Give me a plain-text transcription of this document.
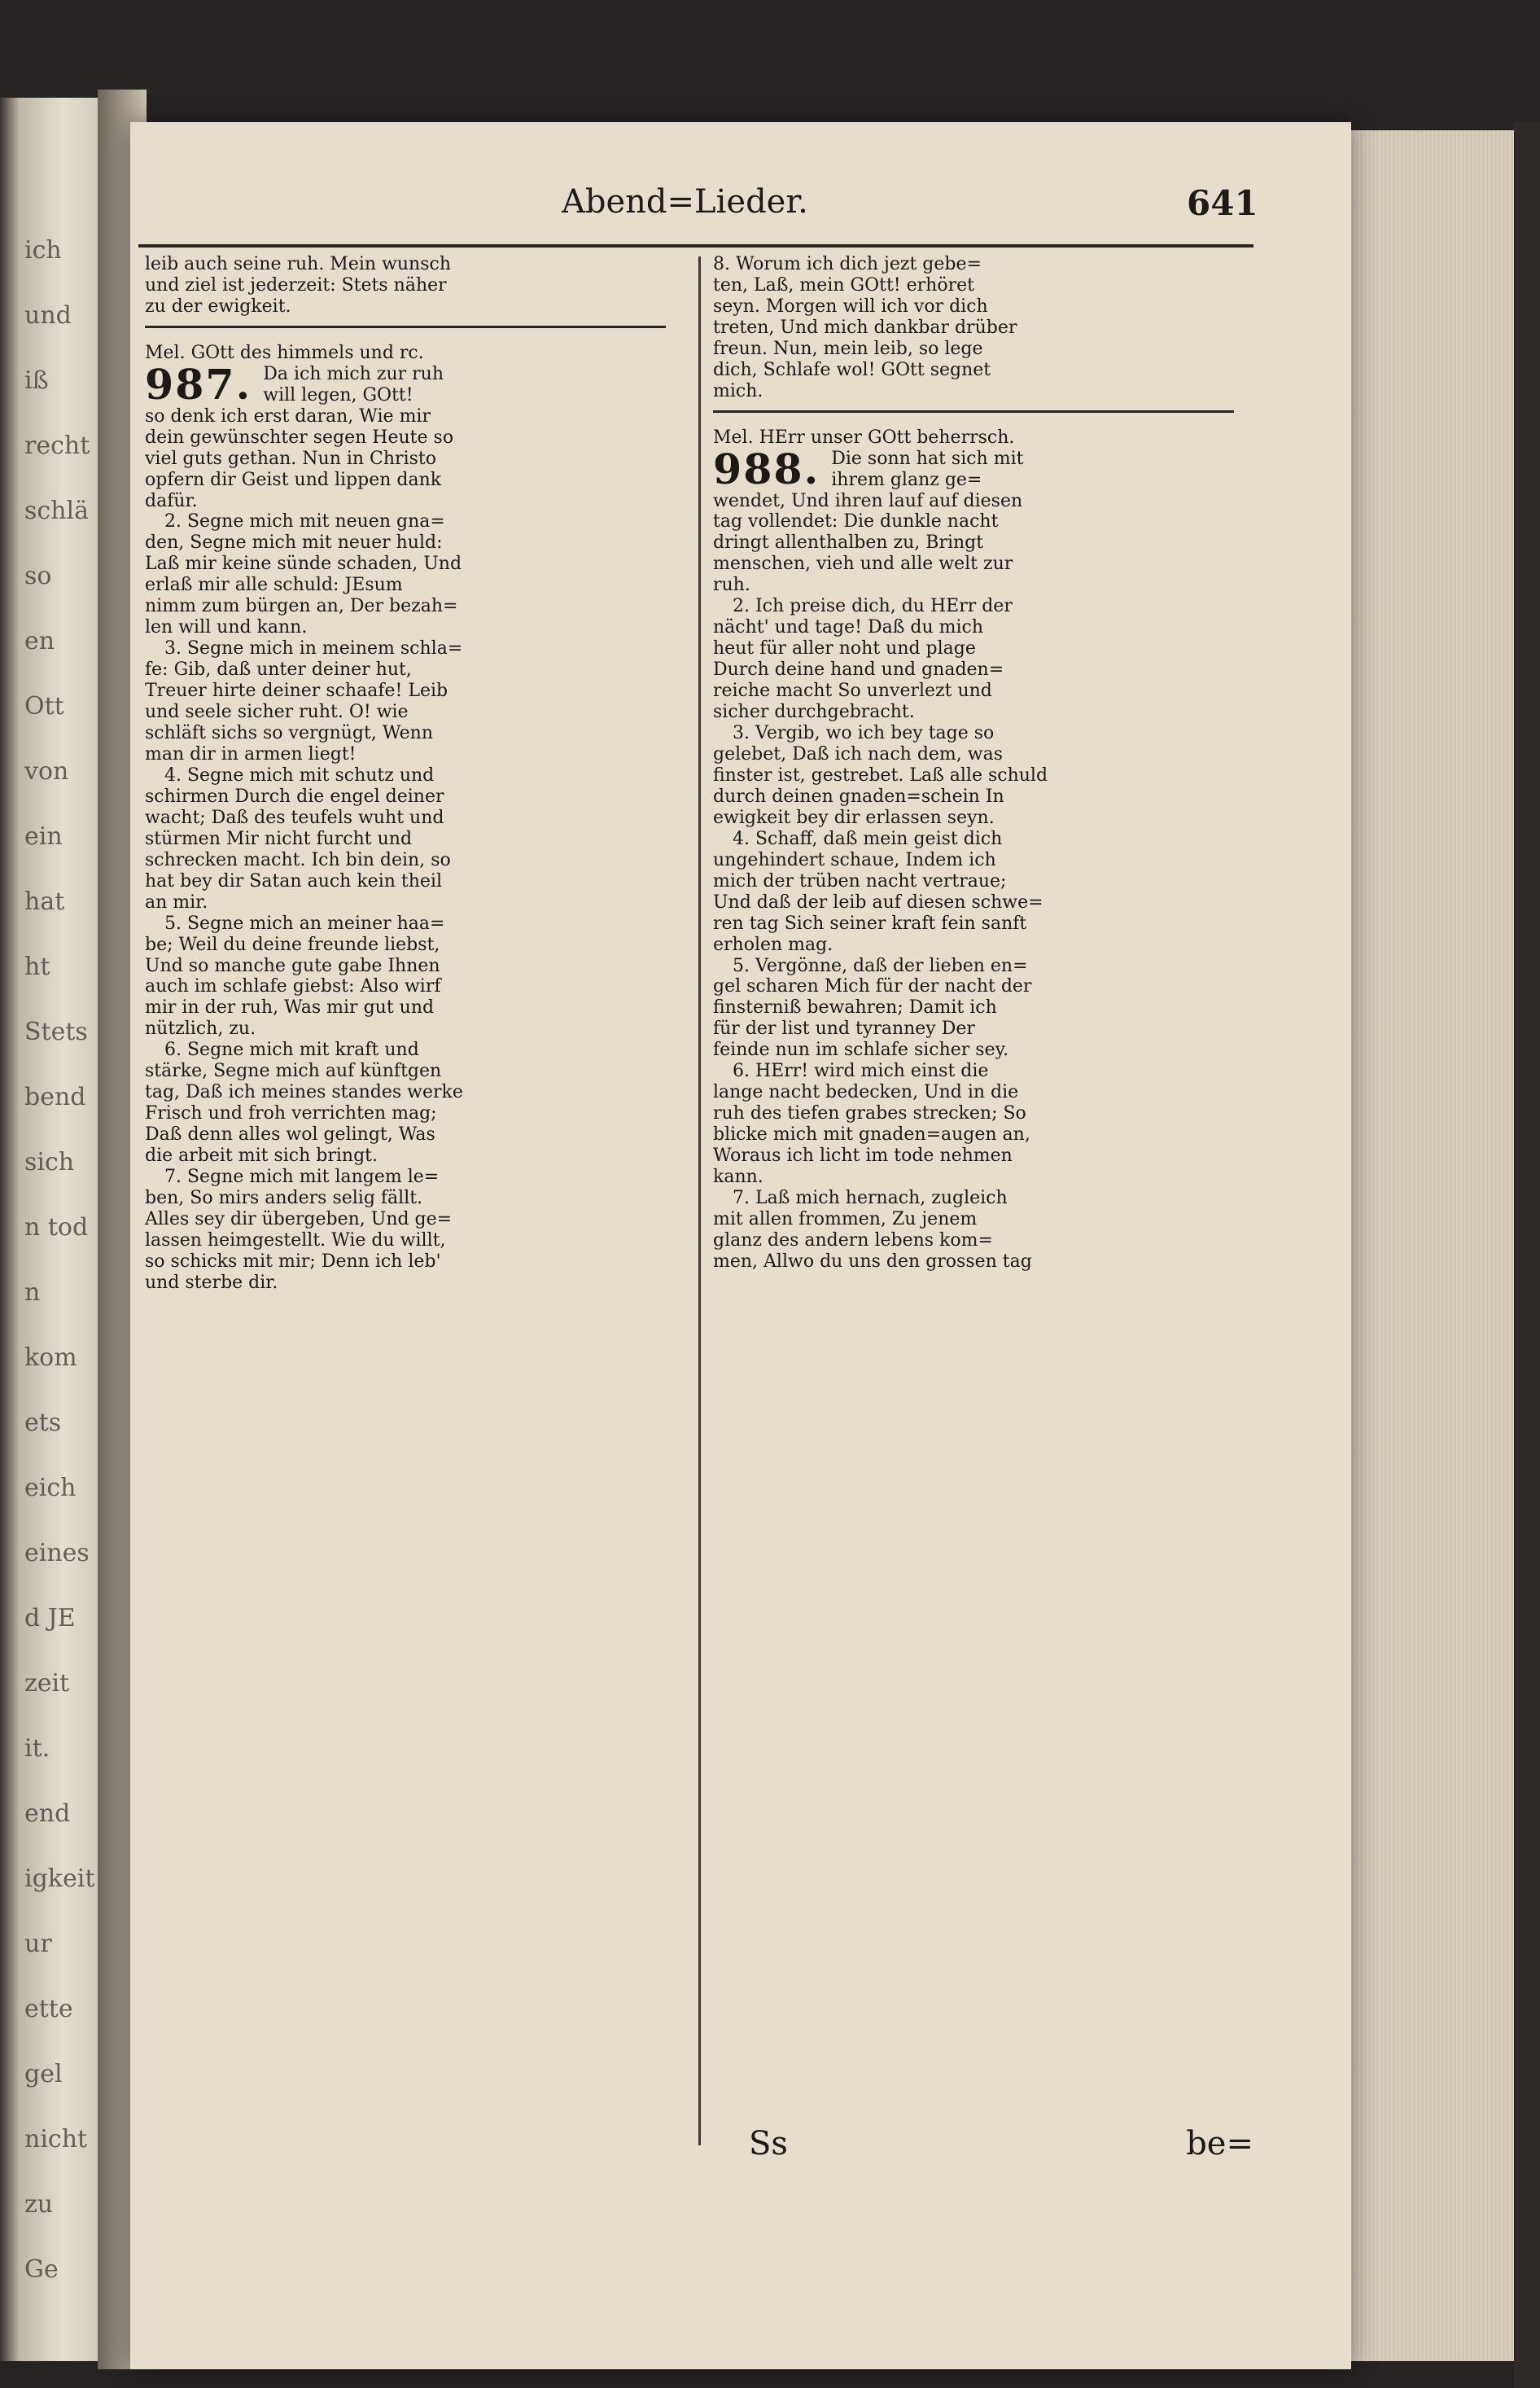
ich
und
iß
recht
schlä
so
en
Ott
von
ein
hat
ht
Stets
bend
sich
n tod
n
kom
ets
eich
eines
d JE
zeit
it.
end
igkeit
ur
ette
gel
nicht
zu
Ge
Abend=Lieder.	641

leib auch seine ruh. Mein wunsch

und ziel ist jederzeit: Stets näher

zu der ewigkeit.

Mel. GOtt des himmels und rc.

987. Da ich mich zur ruh
will legen, GOtt!

so denk ich erst daran, Wie mir

dein gewünschter segen Heute so

viel guts gethan. Nun in Christo

opfern dir Geist und lippen dank

dafür.

2. Segne mich mit neuen gna=

den, Segne mich mit neuer huld:

Laß mir keine sünde schaden, Und

erlaß mir alle schuld: JEsum

nimm zum bürgen an, Der bezah=

len will und kann.

3. Segne mich in meinem schla=

fe: Gib, daß unter deiner hut,

Treuer hirte deiner schaafe! Leib

und seele sicher ruht. O! wie

schläft sichs so vergnügt, Wenn

man dir in armen liegt!

4. Segne mich mit schutz und

schirmen Durch die engel deiner

wacht; Daß des teufels wuht und

stürmen Mir nicht furcht und

schrecken macht. Ich bin dein, so

hat bey dir Satan auch kein theil

an mir.

5. Segne mich an meiner haa=

be; Weil du deine freunde liebst,

Und so manche gute gabe Ihnen

auch im schlafe giebst: Also wirf

mir in der ruh, Was mir gut und

nützlich, zu.

6. Segne mich mit kraft und

stärke, Segne mich auf künftgen

tag, Daß ich meines standes werke

Frisch und froh verrichten mag;

Daß denn alles wol gelingt, Was

die arbeit mit sich bringt.

7. Segne mich mit langem le=

ben, So mirs anders selig fällt.

Alles sey dir übergeben, Und ge=

lassen heimgestellt. Wie du willt,

so schicks mit mir; Denn ich leb'

und sterbe dir.

8. Worum ich dich jezt gebe=

ten, Laß, mein GOtt! erhöret

seyn. Morgen will ich vor dich

treten, Und mich dankbar drüber

freun. Nun, mein leib, so lege

dich, Schlafe wol! GOtt segnet

mich.

Mel. HErr unser GOtt beherrsch.

988. Die sonn hat sich mit
ihrem glanz ge=

wendet, Und ihren lauf auf diesen

tag vollendet: Die dunkle nacht

dringt allenthalben zu, Bringt

menschen, vieh und alle welt zur

ruh.

2. Ich preise dich, du HErr der

nächt' und tage! Daß du mich

heut für aller noht und plage

Durch deine hand und gnaden=

reiche macht So unverlezt und

sicher durchgebracht.

3. Vergib, wo ich bey tage so

gelebet, Daß ich nach dem, was

finster ist, gestrebet. Laß alle schuld

durch deinen gnaden=schein In

ewigkeit bey dir erlassen seyn.

4. Schaff, daß mein geist dich

ungehindert schaue, Indem ich

mich der trüben nacht vertraue;

Und daß der leib auf diesen schwe=

ren tag Sich seiner kraft fein sanft

erholen mag.

5. Vergönne, daß der lieben en=

gel scharen Mich für der nacht der

finsterniß bewahren; Damit ich

für der list und tyranney Der

feinde nun im schlafe sicher sey.

6. HErr! wird mich einst die

lange nacht bedecken, Und in die

ruh des tiefen grabes strecken; So

blicke mich mit gnaden=augen an,

Woraus ich licht im tode nehmen

kann.

7. Laß mich hernach, zugleich

mit allen frommen, Zu jenem

glanz des andern lebens kom=

men, Allwo du uns den grossen tag

Ss	be=
